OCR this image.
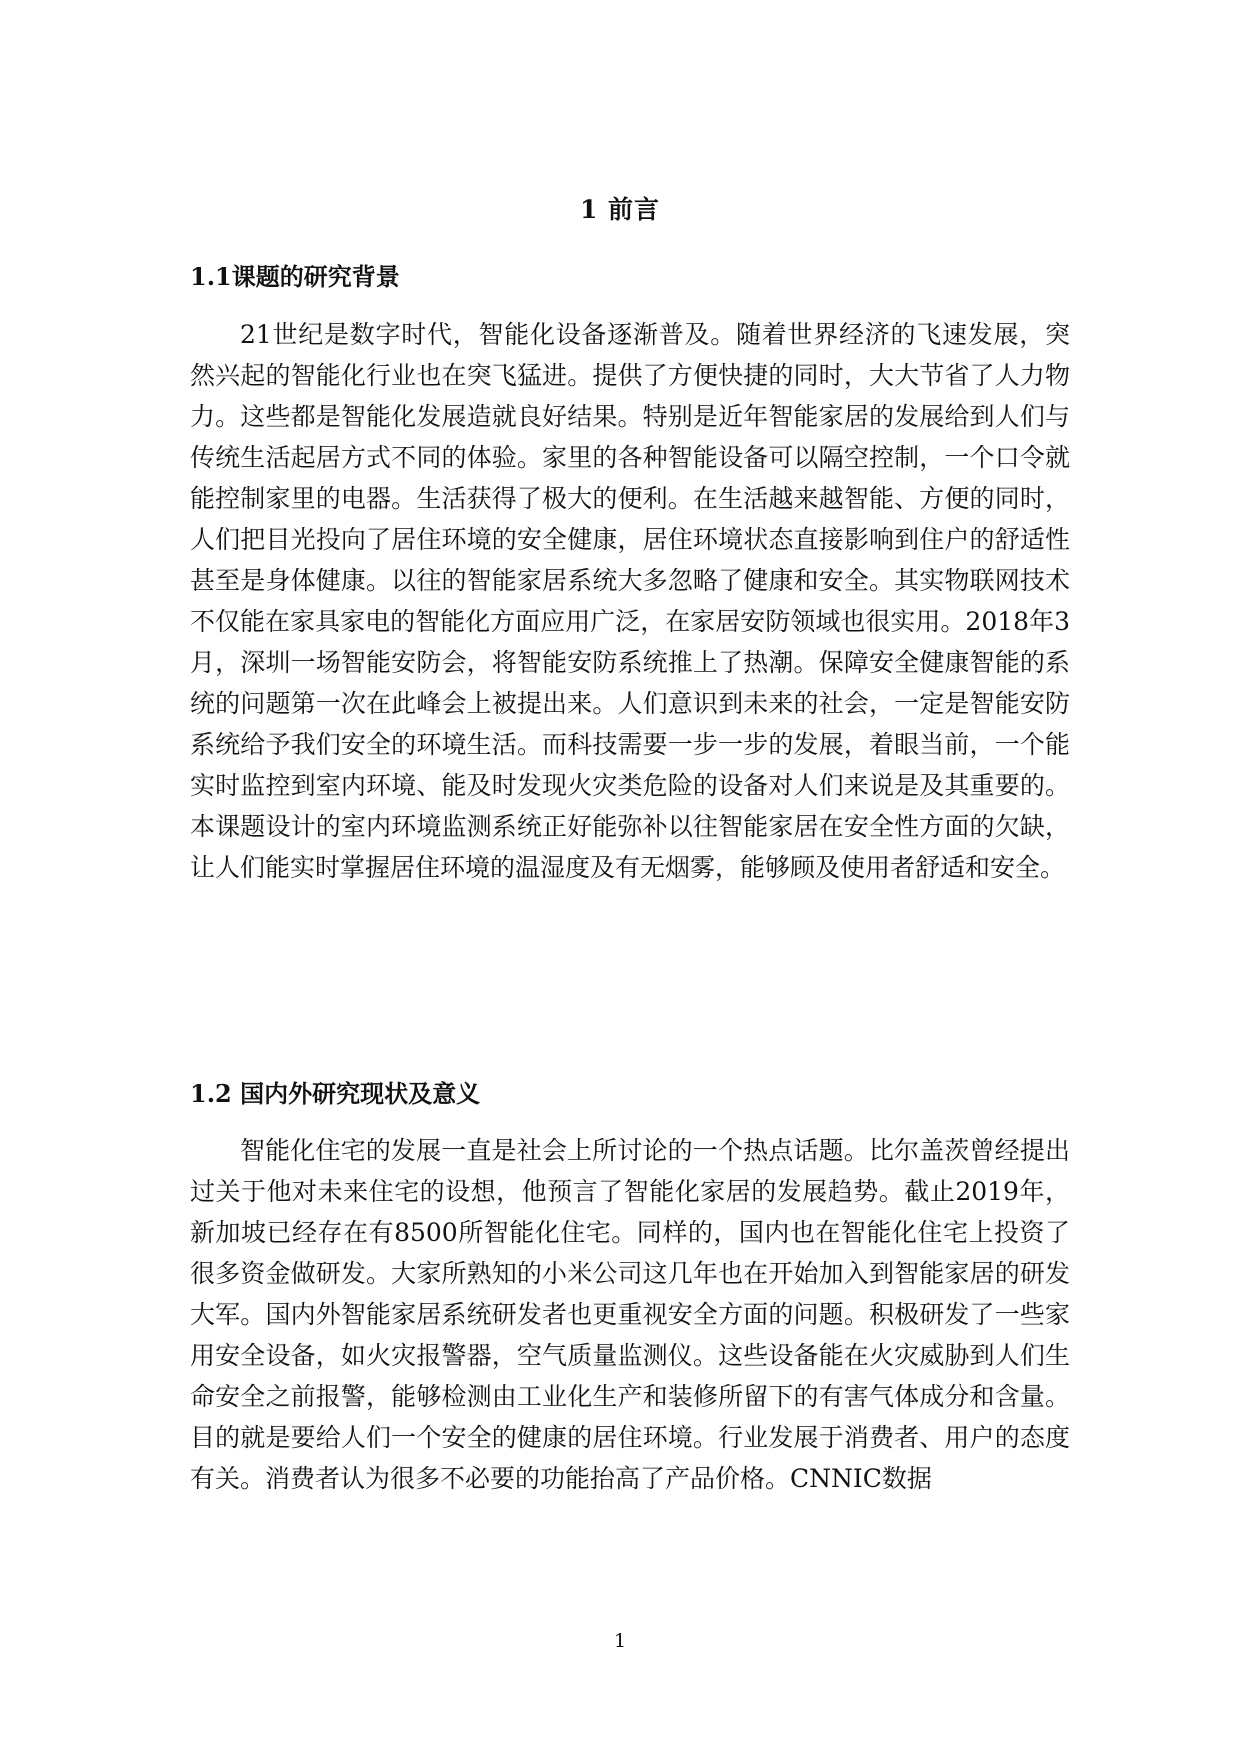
1 前言
1.1课题的研究背景
21世纪是数字时代，智能化设备逐渐普及。随着世界经济的飞速发展，突然兴起的智能化行业也在突飞猛进。提供了方便快捷的同时，大大节省了人力物力。这些都是智能化发展造就良好结果。特别是近年智能家居的发展给到人们与传统生活起居方式不同的体验。家里的各种智能设备可以隔空控制，一个口令就能控制家里的电器。生活获得了极大的便利。在生活越来越智能、方便的同时，人们把目光投向了居住环境的安全健康，居住环境状态直接影响到住户的舒适性甚至是身体健康。以往的智能家居系统大多忽略了健康和安全。其实物联网技术不仅能在家具家电的智能化方面应用广泛，在家居安防领域也很实用。2018年3月，深圳一场智能安防会，将智能安防系统推上了热潮。保障安全健康智能的系统的问题第一次在此峰会上被提出来。人们意识到未来的社会，一定是智能安防系统给予我们安全的环境生活。而科技需要一步一步的发展，着眼当前，一个能实时监控到室内环境、能及时发现火灾类危险的设备对人们来说是及其重要的。本课题设计的室内环境监测系统正好能弥补以往智能家居在安全性方面的欠缺，让人们能实时掌握居住环境的温湿度及有无烟雾，能够顾及使用者舒适和安全。
1.2 国内外研究现状及意义
智能化住宅的发展一直是社会上所讨论的一个热点话题。比尔盖茨曾经提出过关于他对未来住宅的设想，他预言了智能化家居的发展趋势。截止2019年，新加坡已经存在有8500所智能化住宅。同样的，国内也在智能化住宅上投资了很多资金做研发。大家所熟知的小米公司这几年也在开始加入到智能家居的研发大军。国内外智能家居系统研发者也更重视安全方面的问题。积极研发了一些家用安全设备，如火灾报警器，空气质量监测仪。这些设备能在火灾威胁到人们生命安全之前报警，能够检测由工业化生产和装修所留下的有害气体成分和含量。目的就是要给人们一个安全的健康的居住环境。行业发展于消费者、用户的态度有关。消费者认为很多不必要的功能抬高了产品价格。CNNIC数据
1
